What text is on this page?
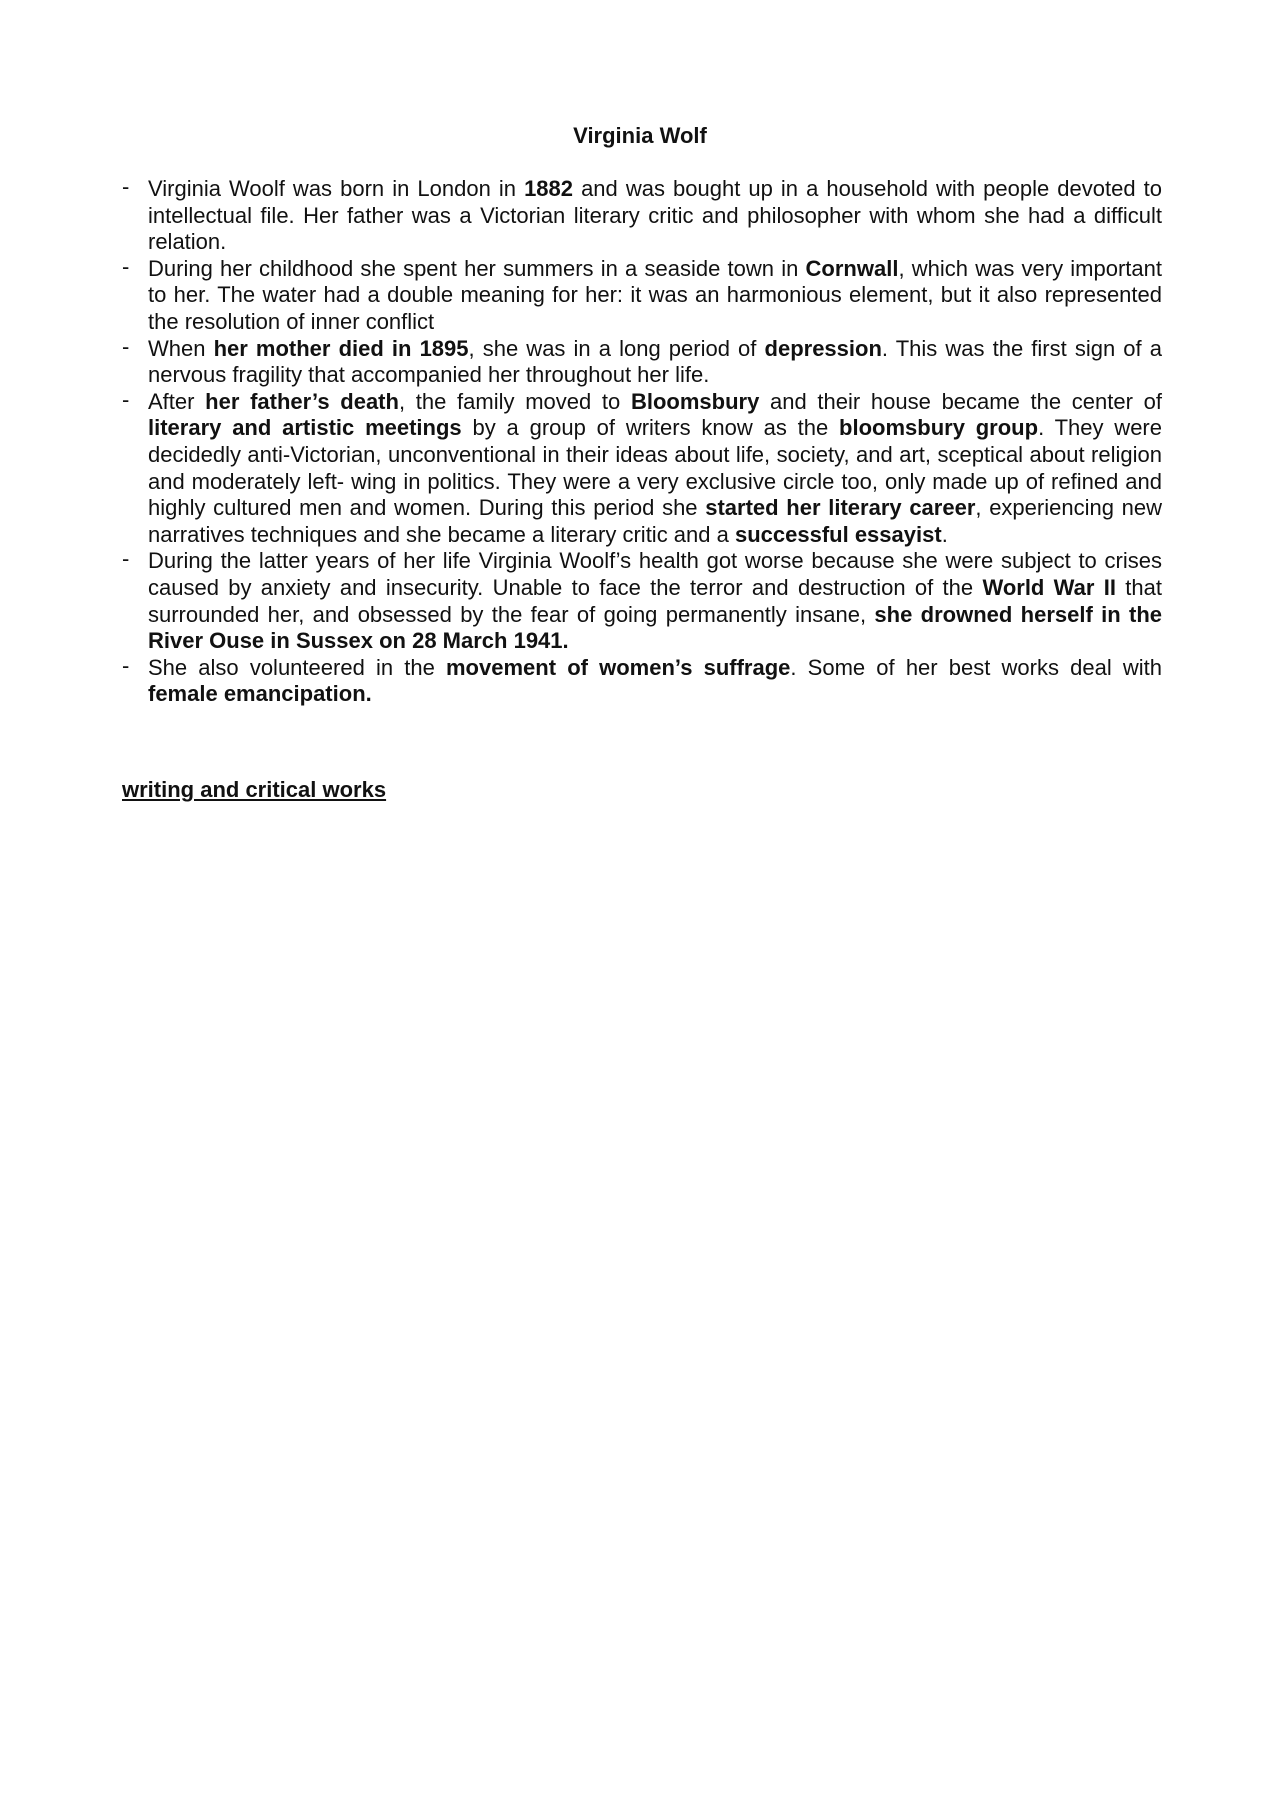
Virginia Wolf
- Virginia Woolf was born in London in 1882 and was bought up in a household with people devoted to intellectual file. Her father was a Victorian literary critic and philosopher with whom she had a difficult relation.
- During her childhood she spent her summers in a seaside town in Cornwall, which was very important to her. The water had a double meaning for her: it was an harmonious element, but it also represented the resolution of inner conflict
- When her mother died in 1895, she was in a long period of depression. This was the first sign of a nervous fragility that accompanied her throughout her life.
- After her father’s death, the family moved to Bloomsbury and their house became the center of literary and artistic meetings by a group of writers know as the bloomsbury group. They were decidedly anti-Victorian, unconventional in their ideas about life, society, and art, sceptical about religion and moderately left- wing in politics. They were a very exclusive circle too, only made up of refined and highly cultured men and women. During this period she started her literary career, experiencing new narratives techniques and she became a literary critic and a successful essayist.
- During the latter years of her life Virginia Woolf’s health got worse because she were subject to crises caused by anxiety and insecurity. Unable to face the terror and destruction of the World War II that surrounded her, and obsessed by the fear of going permanently insane, she drowned herself in the River Ouse in Sussex on 28 March 1941.
- She also volunteered in the movement of women’s suffrage. Some of her best works deal with female emancipation.

writing and critical works
